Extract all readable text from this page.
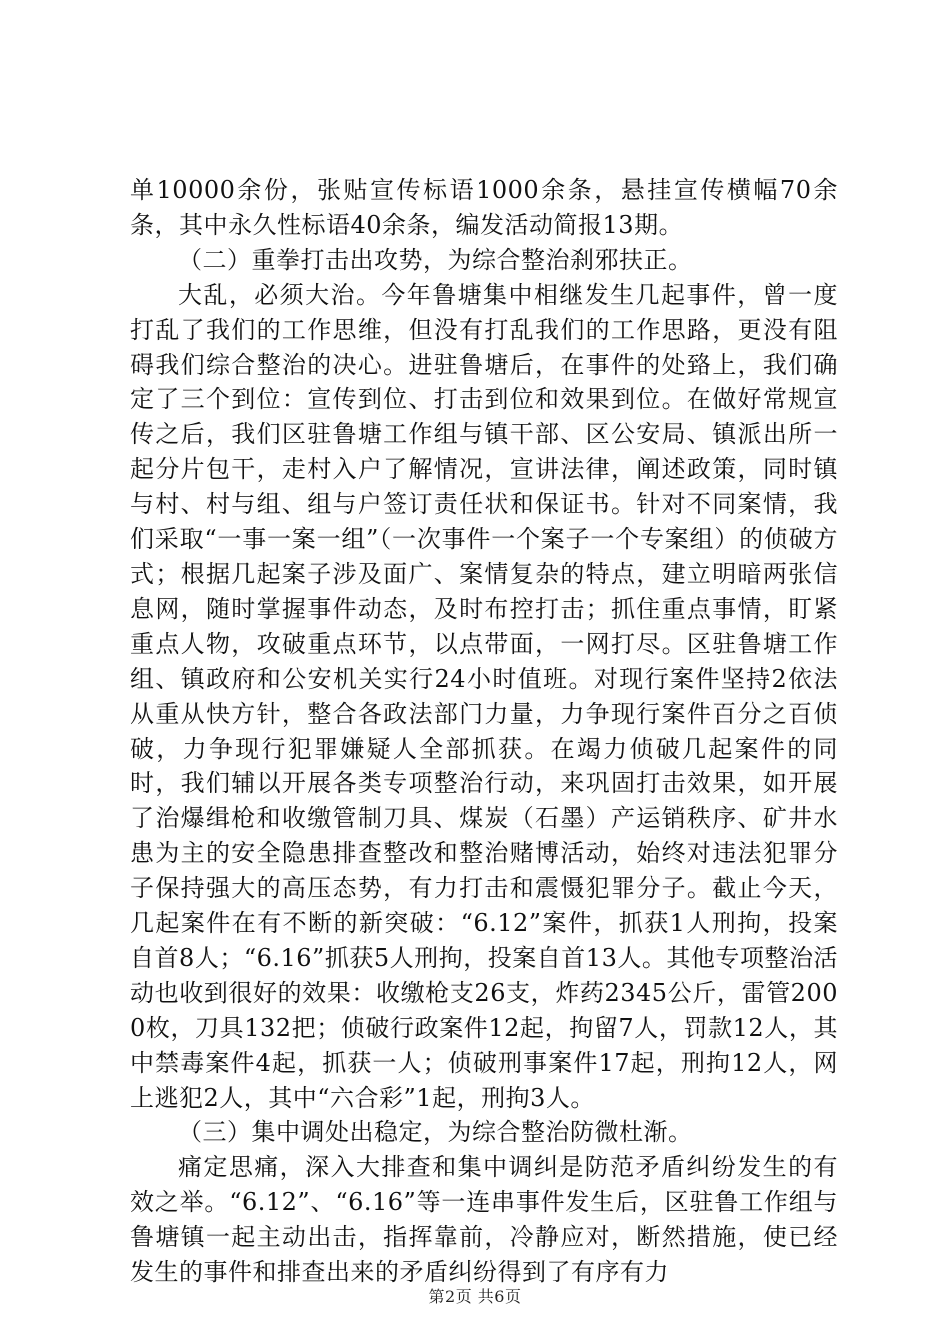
单10000余份，张贴宣传标语1000余条，悬挂宣传横幅70余条，其中永久性标语40余条，编发活动简报13期。

（二）重拳打击出攻势，为综合整治刹邪扶正。

大乱，必须大治。今年鲁塘集中相继发生几起事件，曾一度打乱了我们的工作思维，但没有打乱我们的工作思路，更没有阻碍我们综合整治的决心。进驻鲁塘后，在事件的处臵上，我们确定了三个到位：宣传到位、打击到位和效果到位。在做好常规宣传之后，我们区驻鲁塘工作组与镇干部、区公安局、镇派出所一起分片包干，走村入户了解情况，宣讲法律，阐述政策，同时镇与村、村与组、组与户签订责任状和保证书。针对不同案情，我们采取“一事一案一组”（一次事件一个案子一个专案组）的侦破方式；根据几起案子涉及面广、案情复杂的特点，建立明暗两张信息网，随时掌握事件动态，及时布控打击；抓住重点事情，盯紧重点人物，攻破重点环节，以点带面，一网打尽。区驻鲁塘工作组、镇政府和公安机关实行24小时值班。对现行案件坚持2依法从重从快方针，整合各政法部门力量，力争现行案件百分之百侦破，力争现行犯罪嫌疑人全部抓获。在竭力侦破几起案件的同时，我们辅以开展各类专项整治行动，来巩固打击效果，如开展了治爆缉枪和收缴管制刀具、煤炭（石墨）产运销秩序、矿井水患为主的安全隐患排查整改和整治赌博活动，始终对违法犯罪分子保持强大的高压态势，有力打击和震慑犯罪分子。截止今天，几起案件在有不断的新突破：“6.12”案件，抓获1人刑拘，投案自首8人；“6.16”抓获5人刑拘，投案自首13人。其他专项整治活动也收到很好的效果：收缴枪支26支，炸药2345公斤，雷管2000枚，刀具132把；侦破行政案件12起，拘留7人，罚款12人，其中禁毒案件4起，抓获一人；侦破刑事案件17起，刑拘12人，网上逃犯2人，其中“六合彩”1起，刑拘3人。

（三）集中调处出稳定，为综合整治防微杜渐。

痛定思痛，深入大排查和集中调纠是防范矛盾纠纷发生的有效之举。“6.12”、“6.16”等一连串事件发生后，区驻鲁工作组与鲁塘镇一起主动出击，指挥靠前，冷静应对，断然措施，使已经发生的事件和排查出来的矛盾纠纷得到了有序有力

第2页 共6页
